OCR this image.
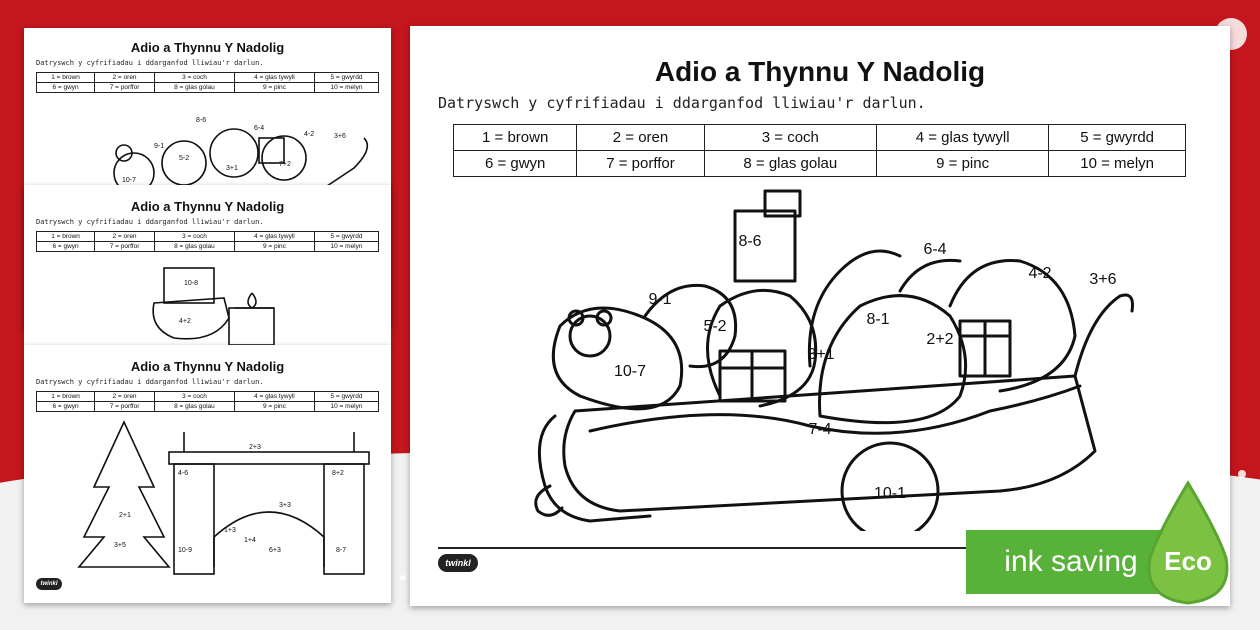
Adio a Thynnu Y Nadolig
Datryswch y cyfrifiadau i ddarganfod lliwiau'r darlun.
1 = brown	2 = oren	3 = coch	4 = glas tywyll	5 = gwyrdd
6 = gwyn	7 = porffor	8 = glas golau	9 = pinc	10 = melyn
8-6
6-4
4-2	3+6
9-1
5-2
3+1
7+2
10-7
Adio a Thynnu Y Nadolig
Datryswch y cyfrifiadau i ddarganfod lliwiau'r darlun.
1 = brown	2 = oren	3 = coch	4 = glas tywyll	5 = gwyrdd
6 = gwyn	7 = porffor	8 = glas golau	9 = pinc	10 = melyn
10-8
4+2
Adio a Thynnu Y Nadolig
Datryswch y cyfrifiadau i ddarganfod lliwiau'r darlun.
1 = brown	2 = oren	3 = coch	4 = glas tywyll	5 = gwyrdd
6 = gwyn	7 = porffor	8 = glas golau	9 = pinc	10 = melyn
2+3
4-6	8+2
2+1
3+5
3+3
10-9	8-7
1+3
1+4
6+3
twinkl
Adio a Thynnu Y Nadolig
Datryswch y cyfrifiadau i ddarganfod lliwiau'r darlun.
1 = brown	2 = oren	3 = coch	4 = glas tywyll	5 = gwyrdd
6 = gwyn	7 = porffor	8 = glas golau	9 = pinc	10 = melyn
8-6	6-4
4-2 3+6
9-1
5-2	8-1
2+2
10-7
3+1
7-4
10-1
twinkl	ink saving Eco
